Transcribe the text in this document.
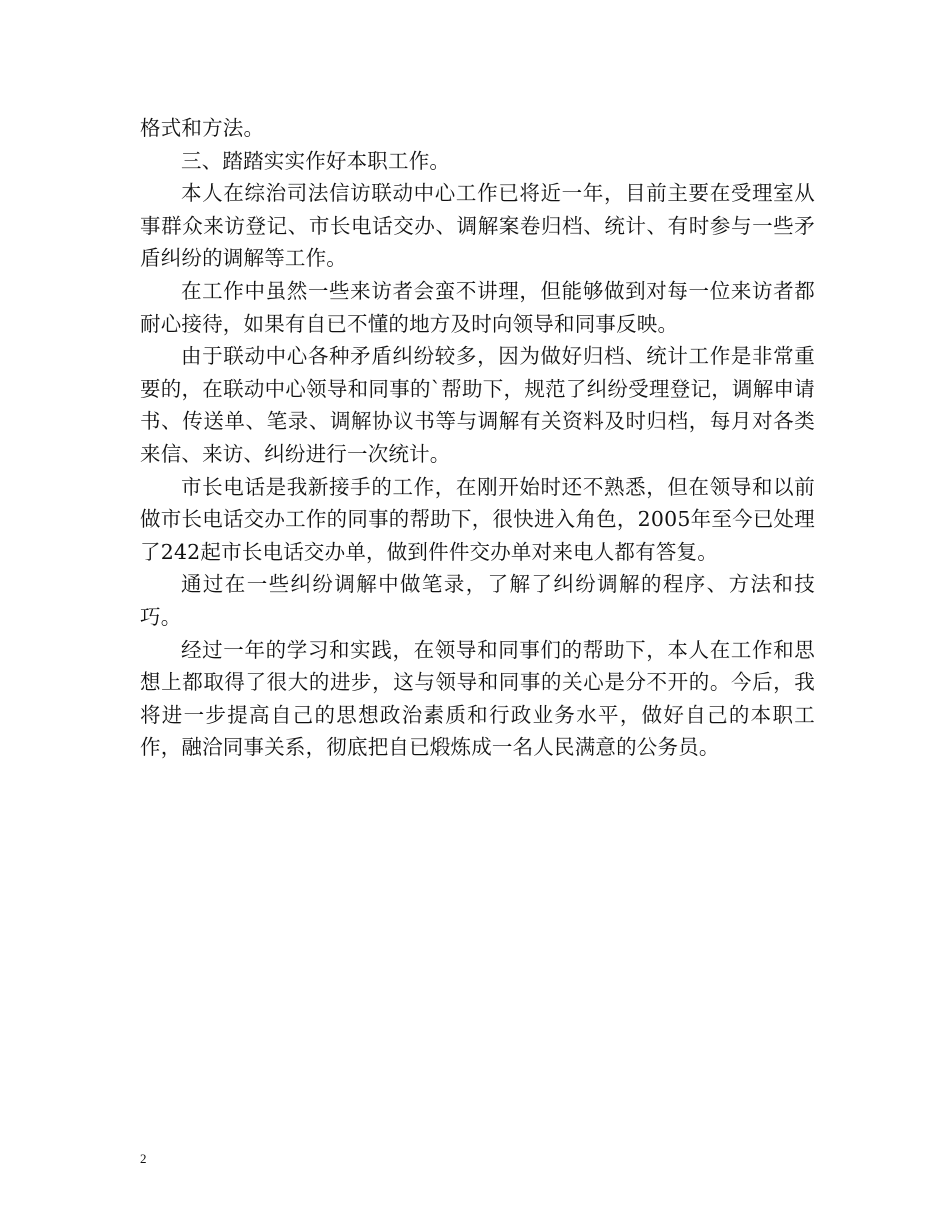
格式和方法。

三、踏踏实实作好本职工作。

本人在综治司法信访联动中心工作已将近一年，目前主要在受理室从事群众来访登记、市长电话交办、调解案卷归档、统计、有时参与一些矛盾纠纷的调解等工作。

在工作中虽然一些来访者会蛮不讲理，但能够做到对每一位来访者都耐心接待，如果有自已不懂的地方及时向领导和同事反映。

由于联动中心各种矛盾纠纷较多，因为做好归档、统计工作是非常重要的，在联动中心领导和同事的`帮助下，规范了纠纷受理登记，调解申请书、传送单、笔录、调解协议书等与调解有关资料及时归档，每月对各类来信、来访、纠纷进行一次统计。

市长电话是我新接手的工作，在刚开始时还不熟悉，但在领导和以前做市长电话交办工作的同事的帮助下，很快进入角色，2005年至今已处理了242起市长电话交办单，做到件件交办单对来电人都有答复。

通过在一些纠纷调解中做笔录，了解了纠纷调解的程序、方法和技巧。

经过一年的学习和实践，在领导和同事们的帮助下，本人在工作和思想上都取得了很大的进步，这与领导和同事的关心是分不开的。今后，我将进一步提高自己的思想政治素质和行政业务水平，做好自己的本职工作，融洽同事关系，彻底把自已煅炼成一名人民满意的公务员。

2
